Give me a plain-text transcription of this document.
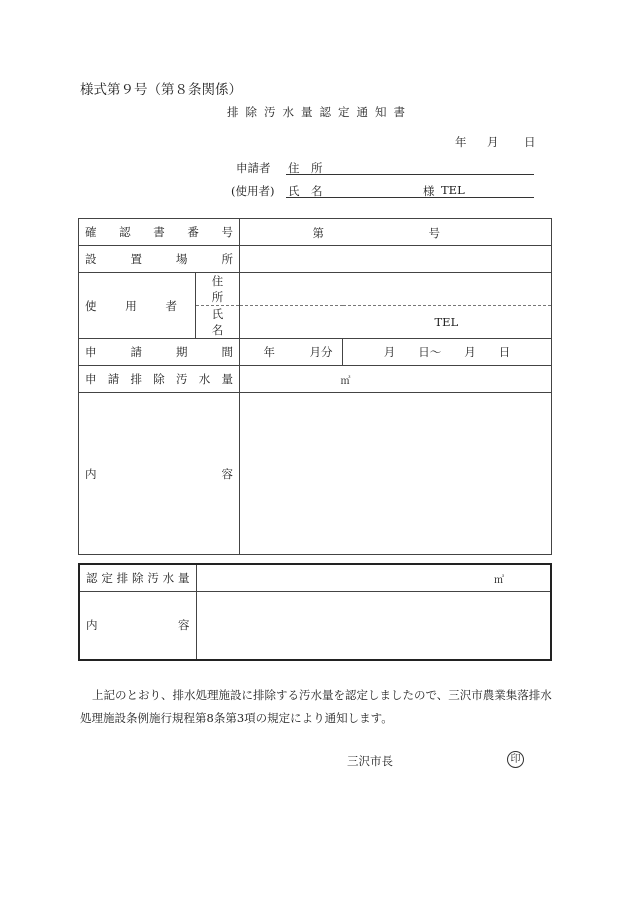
様式第９号（第８条関係）
排除汚水量認定通知書
年 月 日
申請者 住　所
(使用者) 氏　名	様 TEL
確認書番号		第 号	

設置場所			

使用者	住　所		
	氏　名	TEL	

申請期間		年　　　月分	月　　日～　　月　　日

申請排除汚水量		㎥	

内容			

認定排除汚水量	㎥

内容	

上記のとおり、排水処理施設に排除する汚水量を認定しましたので、三沢市農業集落排水処理施設条例施行規程第8条第3項の規定により通知します。
三沢市長	印
